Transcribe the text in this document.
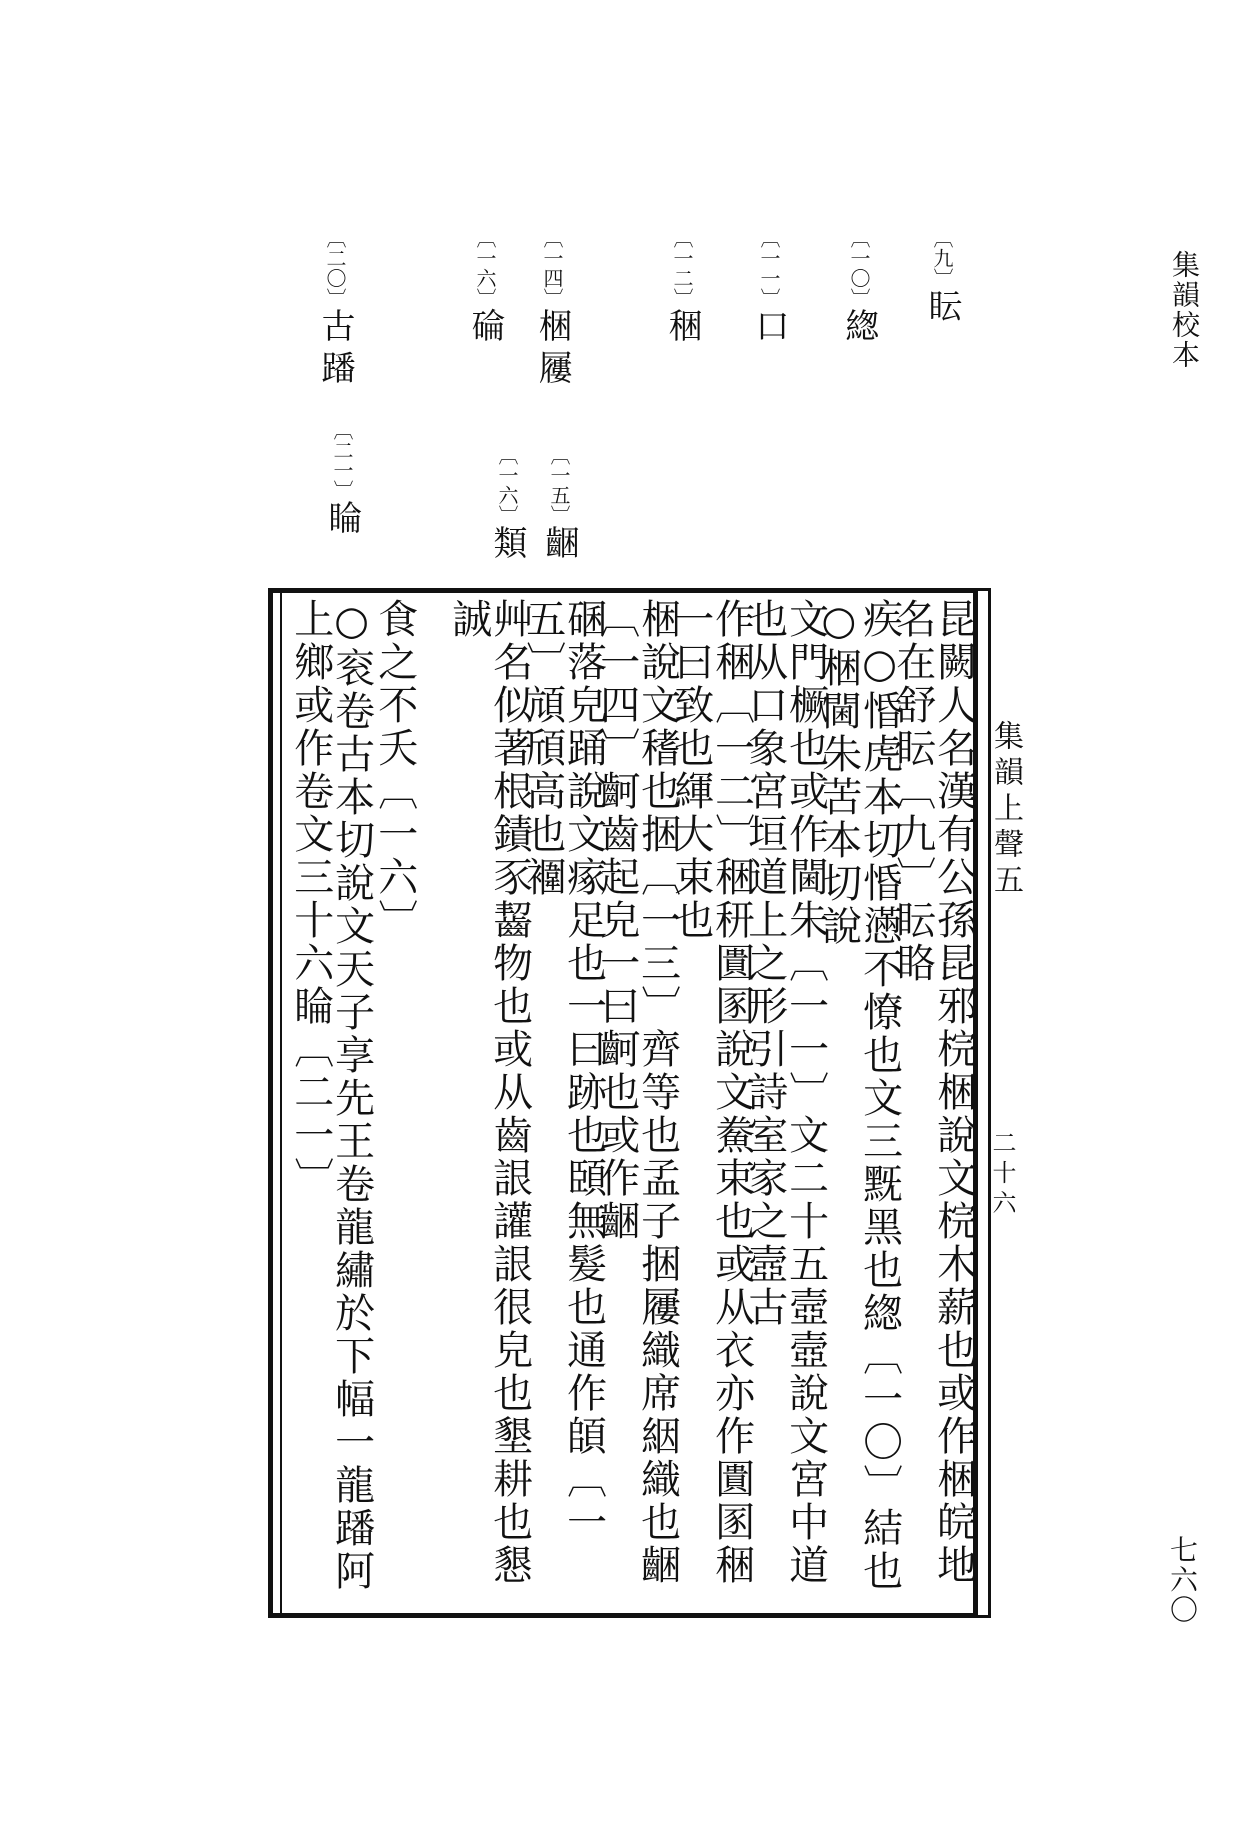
集韻校本
七六〇
〔九〕眃
〔一〇〕緫
〔一一〕口
〔一二〕稇
〔一四〕梱屨
〔一五〕齫
〔一六〕類
〔一六〕碖
〔二〇〕古蹯
〔二一〕睔
集韻上聲五
二十六
昆闕人名漢有公孫昆邪梡梱說文梡木薪也或作梱皖地名在舒眃〔九〕眃䀩
疾○惛虎本切惛懣不憭也文三黖黑也緫〔一〇〕結也○梱閫朱苦本切說
文門橛也或作閫朱〔一一〕文二十五壼壼說文宮中道也从口象宮垣道上之形引詩室家之壼古
作稇〔一二〕稇䄯圚圂說文鮝束也或从衣亦作圚圂稇一曰致也緷大束也
梱說文䅲也捆〔一三〕齊等也孟子捆屨織席絪織也齫〔一四〕䶗齒起皃一曰䶗也或作齫
碅落皃踊說文瘃足也一曰跡也頣無髮也通作頧〔一五〕頏頎高也䙟
艸名似著根䥊豕齧物也或从齒詪讙詪很皃也墾耕也懇誠
食之不夭〔一六〕
○衮卷古本切說文天子享先王卷龍繡於下幅一龍蹯阿上鄉或作卷文三十六睔〔二一〕
